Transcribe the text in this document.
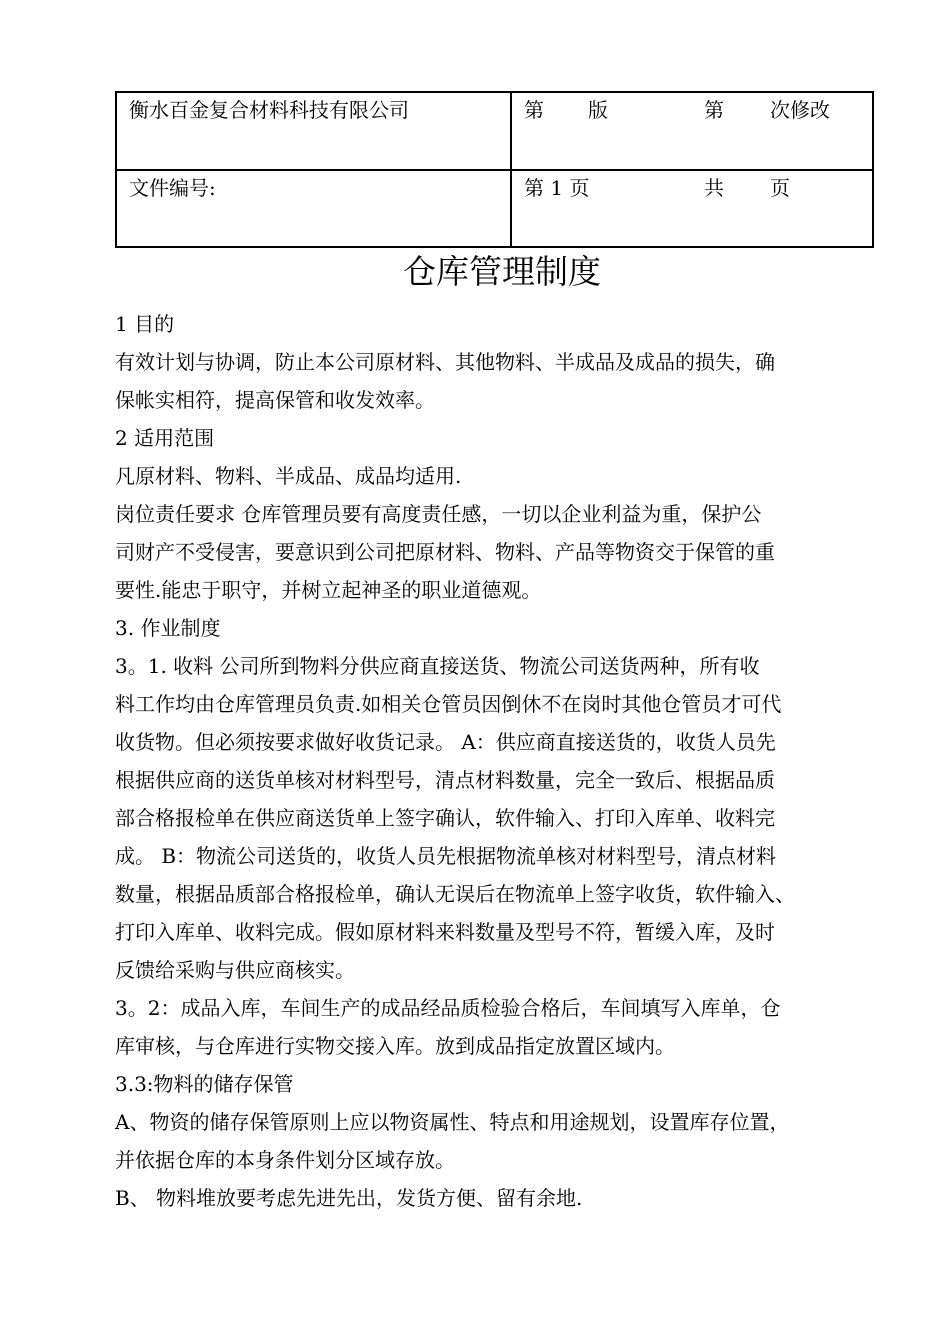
衡水百金复合材料科技有限公司	第 版 第 次修改

文件编号:	第 1 页 共 页
仓库管理制度

1 目的

有效计划与协调，防止本公司原材料、其他物料、半成品及成品的损失，确

保帐实相符，提高保管和收发效率。

2 适用范围

凡原材料、物料、半成品、成品均适用.

岗位责任要求 仓库管理员要有高度责任感，一切以企业利益为重，保护公

司财产不受侵害，要意识到公司把原材料、物料、产品等物资交于保管的重

要性.能忠于职守，并树立起神圣的职业道德观。

3. 作业制度

3。1. 收料 公司所到物料分供应商直接送货、物流公司送货两种，所有收

料工作均由仓库管理员负责.如相关仓管员因倒休不在岗时其他仓管员才可代

收货物。但必须按要求做好收货记录。 A：供应商直接送货的，收货人员先

根据供应商的送货单核对材料型号，清点材料数量，完全一致后、根据品质

部合格报检单在供应商送货单上签字确认，软件输入、打印入库单、收料完

成。 B：物流公司送货的，收货人员先根据物流单核对材料型号，清点材料

数量，根据品质部合格报检单，确认无误后在物流单上签字收货，软件输入、

打印入库单、收料完成。假如原材料来料数量及型号不符，暂缓入库，及时

反馈给采购与供应商核实。

3。2：成品入库，车间生产的成品经品质检验合格后，车间填写入库单，仓

库审核，与仓库进行实物交接入库。放到成品指定放置区域内。

3.3:物料的储存保管

A、物资的储存保管原则上应以物资属性、特点和用途规划，设置库存位置，

并依据仓库的本身条件划分区域存放。

B、 物料堆放要考虑先进先出，发货方便、留有余地.
